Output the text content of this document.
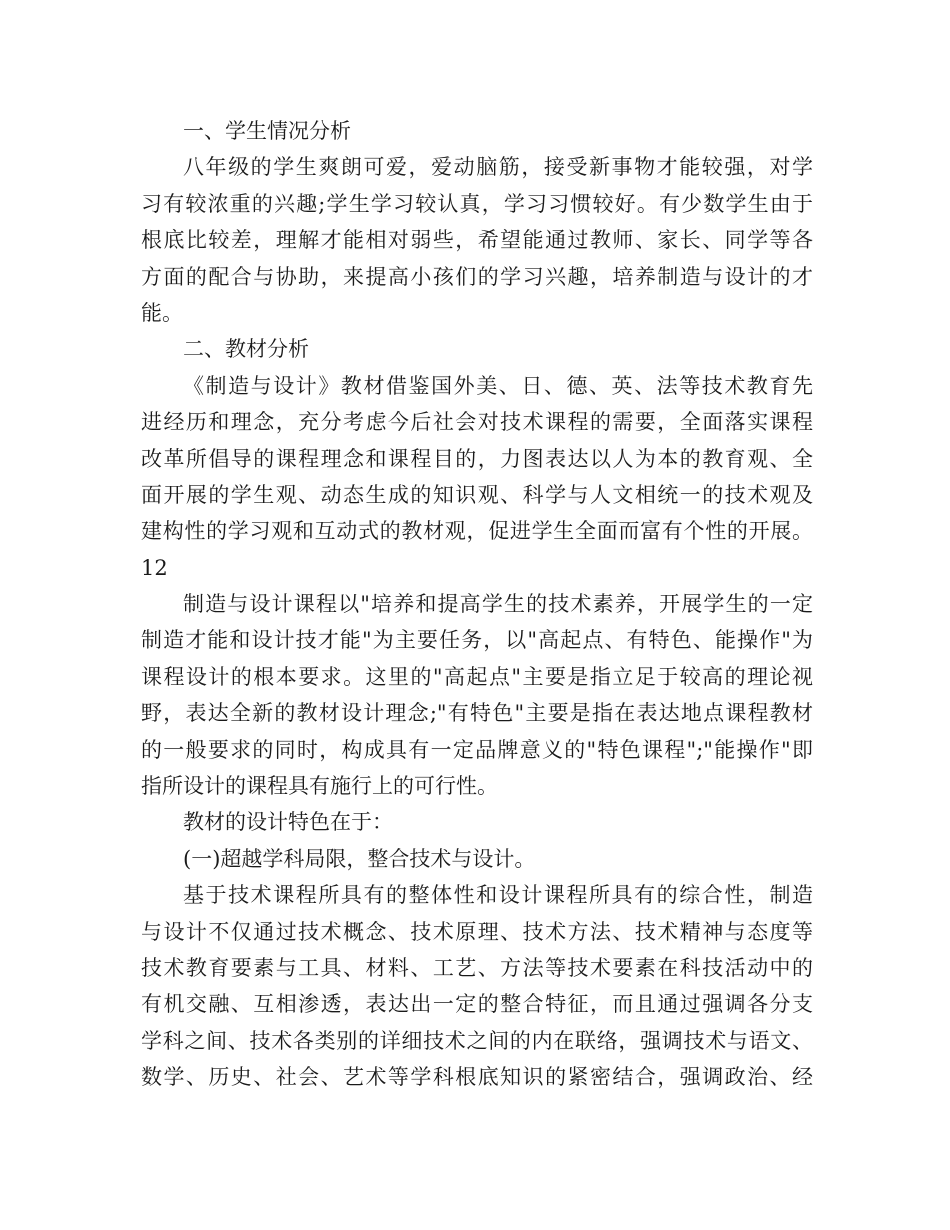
一、学生情况分析
八年级的学生爽朗可爱，爱动脑筋，接受新事物才能较强，对学
习有较浓重的兴趣;学生学习较认真，学习习惯较好。有少数学生由于
根底比较差，理解才能相对弱些，希望能通过教师、家长、同学等各
方面的配合与协助，来提高小孩们的学习兴趣，培养制造与设计的才
能。
二、教材分析
《制造与设计》教材借鉴国外美、日、德、英、法等技术教育先
进经历和理念，充分考虑今后社会对技术课程的需要，全面落实课程
改革所倡导的课程理念和课程目的，力图表达以人为本的教育观、全
面开展的学生观、动态生成的知识观、科学与人文相统一的技术观及
建构性的学习观和互动式的教材观，促进学生全面而富有个性的开展。
12
制造与设计课程以"培养和提高学生的技术素养，开展学生的一定
制造才能和设计技才能"为主要任务，以"高起点、有特色、能操作"为
课程设计的根本要求。这里的"高起点"主要是指立足于较高的理论视
野，表达全新的教材设计理念;"有特色"主要是指在表达地点课程教材
的一般要求的同时，构成具有一定品牌意义的"特色课程";"能操作"即
指所设计的课程具有施行上的可行性。
教材的设计特色在于：
(一)超越学科局限，整合技术与设计。
基于技术课程所具有的整体性和设计课程所具有的综合性，制造
与设计不仅通过技术概念、技术原理、技术方法、技术精神与态度等
技术教育要素与工具、材料、工艺、方法等技术要素在科技活动中的
有机交融、互相渗透，表达出一定的整合特征，而且通过强调各分支
学科之间、技术各类别的详细技术之间的内在联络，强调技术与语文、
数学、历史、社会、艺术等学科根底知识的紧密结合，强调政治、经
